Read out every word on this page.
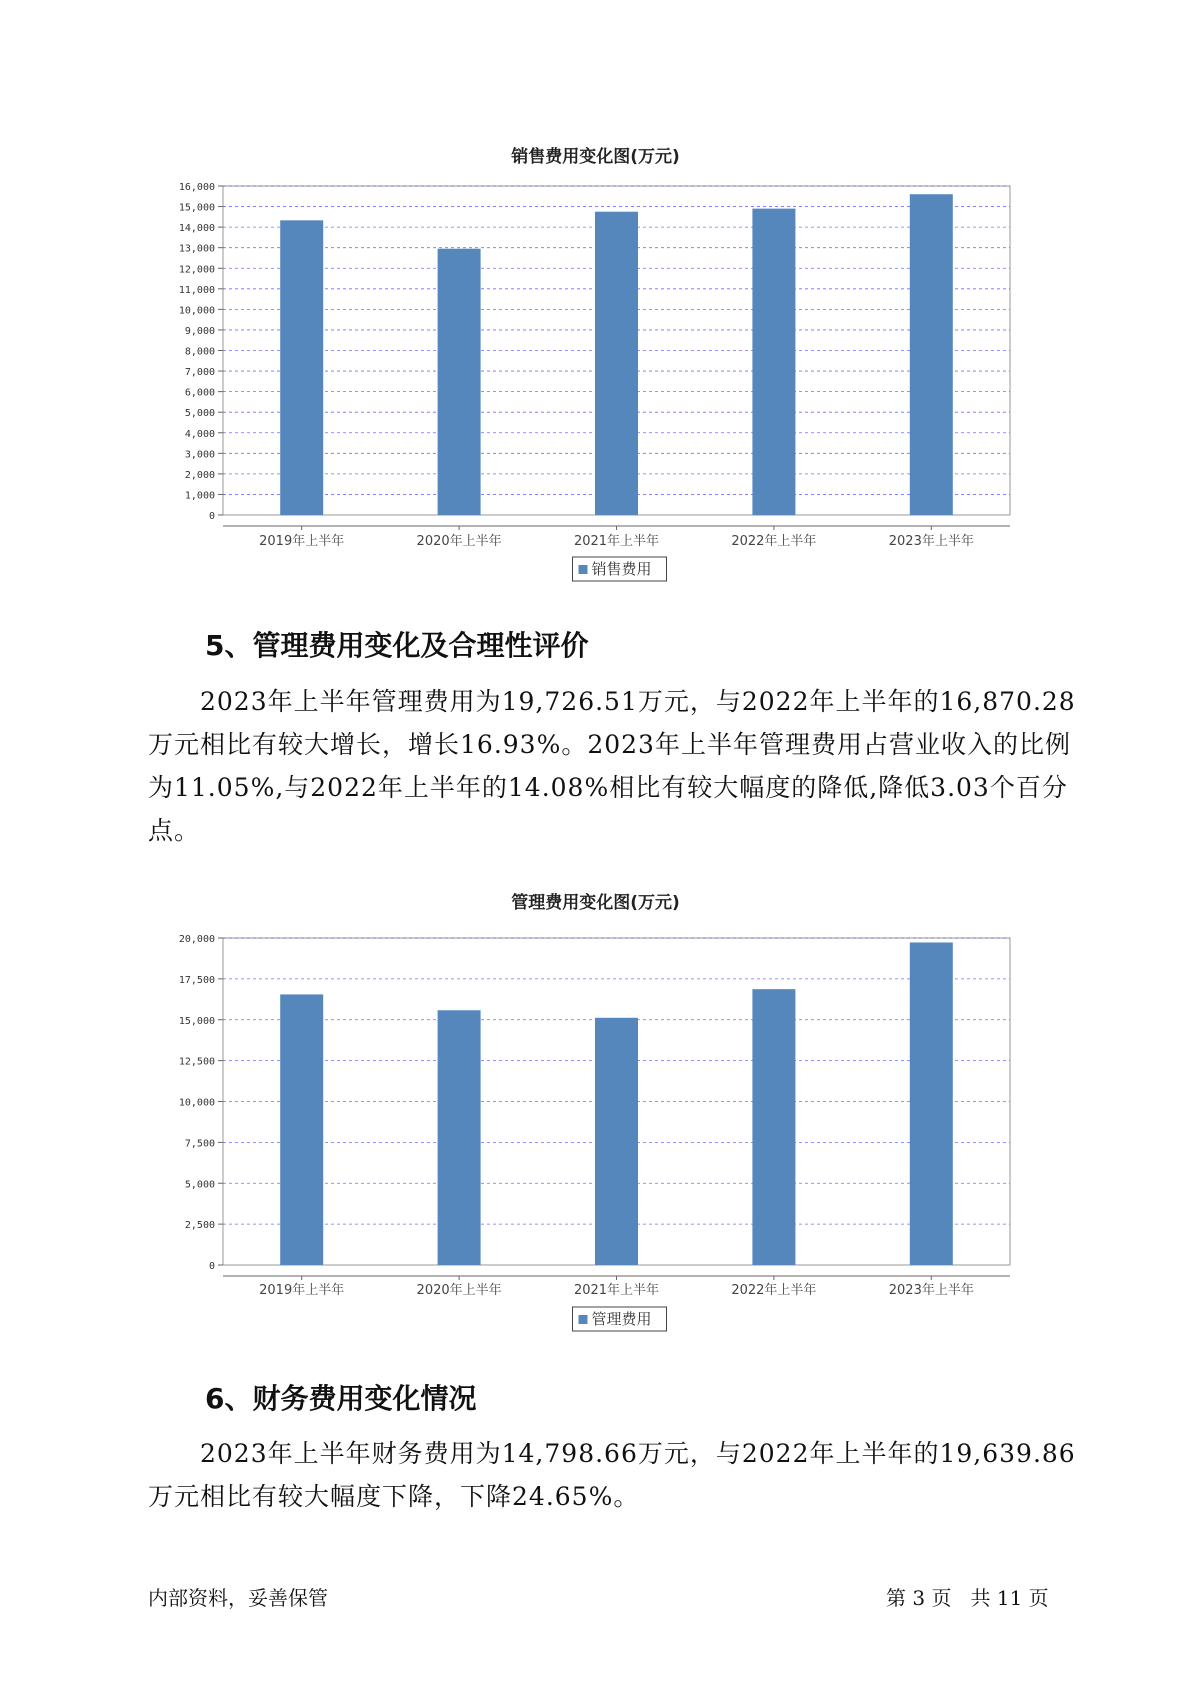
销售费用变化图(万元)
0
1,000
2,000
3,000
4,000
5,000
6,000
7,000
8,000
9,000
10,000
11,000
12,000
13,000
14,000
15,000
16,000
2019年上半年	2020年上半年	2021年上半年	2022年上半年	2023年上半年
销售费用
5、管理费用变化及合理性评价

2023年上半年管理费用为19,726.51万元，与2022年上半年的16,870.28万元相比有较大增长，增长16.93%。2023年上半年管理费用占营业收入的比例为11.05%,与2022年上半年的14.08%相比有较大幅度的降低,降低3.03个百分点。

管理费用变化图(万元)
0
2,500
5,000
7,500
10,000
12,500
15,000
17,500
20,000
2019年上半年	2020年上半年	2021年上半年	2022年上半年	2023年上半年
管理费用
6、财务费用变化情况

2023年上半年财务费用为14,798.66万元，与2022年上半年的19,639.86万元相比有较大幅度下降，下降24.65%。

内部资料，妥善保管	第 3 页   共 11 页
